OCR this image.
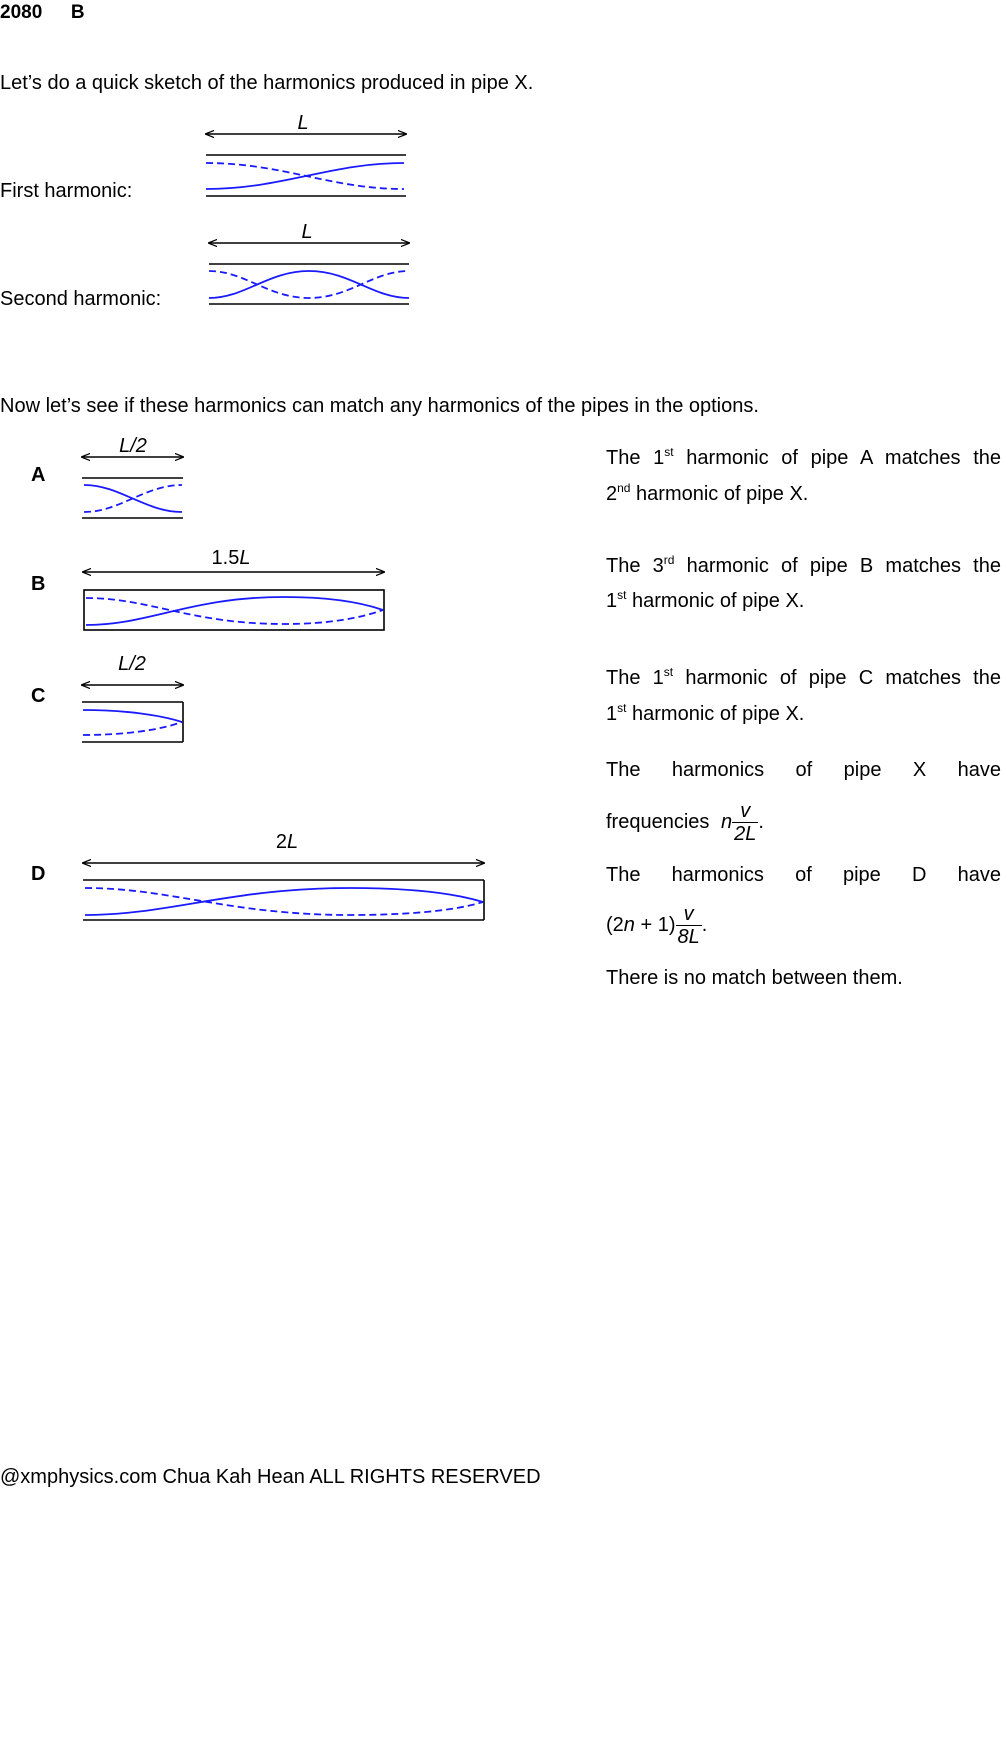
2080 B
Let’s do a quick sketch of the harmonics produced in pipe X.
First harmonic:
Second harmonic:
Now let’s see if these harmonics can match any harmonics of the pipes in the options.
A
B
C
D
L
L
L/2
1.5L
L/2
2L
The 1st harmonic of pipe A matches the
2nd harmonic of pipe X.
The 3rd harmonic of pipe B matches the
1st harmonic of pipe X.
The 1st harmonic of pipe C matches the
1st harmonic of pipe X.
The harmonics of pipe X have
frequencies n $\frac{v}{2L}$ .
The harmonics of pipe D have
$(2n + 1) \frac{v}{8L}$ .
There is no match between them.
@xmphysics.com Chua Kah Hean ALL RIGHTS RESERVED
